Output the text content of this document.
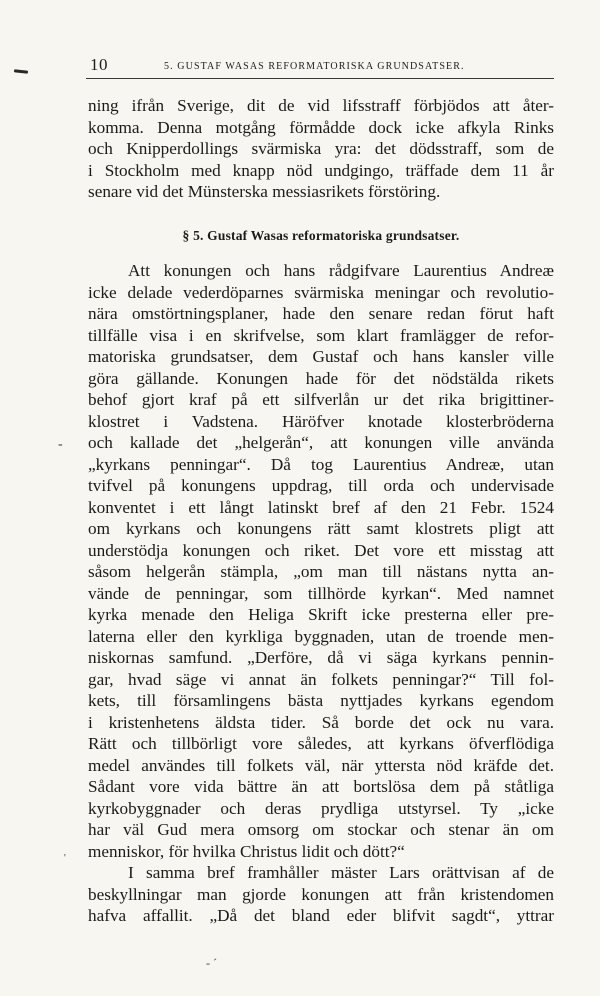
10	5. GUSTAF WASAS REFORMATORISKA GRUNDSATSER.
ning ifrån Sverige, dit de vid lifsstraff förbjödos att åter-
komma. Denna motgång förmådde dock icke afkyla Rinks
och Knipperdollings svärmiska yra: det dödsstraff, som de
i Stockholm med knapp nöd undgingo, träffade dem 11 år
senare vid det Münsterska messiasrikets förstöring.
§ 5. Gustaf Wasas reformatoriska grundsatser.
Att konungen och hans rådgifvare Laurentius Andreæ
icke delade vederdöparnes svärmiska meningar och revolutio-
nära omstörtningsplaner, hade den senare redan förut haft
tillfälle visa i en skrifvelse, som klart framlägger de refor-
matoriska grundsatser, dem Gustaf och hans kansler ville
göra gällande. Konungen hade för det nödstälda rikets
behof gjort kraf på ett silfverlån ur det rika brigittiner-
klostret i Vadstena. Häröfver knotade klosterbröderna
och kallade det „helgerån“, att konungen ville använda
„kyrkans penningar“. Då tog Laurentius Andreæ, utan
tvifvel på konungens uppdrag, till orda och undervisade
konventet i ett långt latinskt bref af den 21 Febr. 1524
om kyrkans och konungens rätt samt klostrets pligt att
understödja konungen och riket. Det vore ett misstag att
såsom helgerån stämpla, „om man till nästans nytta an-
vände de penningar, som tillhörde kyrkan“. Med namnet
kyrka menade den Heliga Skrift icke presterna eller pre-
laterna eller den kyrkliga byggnaden, utan de troende men-
niskornas samfund. „Derföre, då vi säga kyrkans pennin-
gar, hvad säge vi annat än folkets penningar?“ Till fol-
kets, till församlingens bästa nyttjades kyrkans egendom
i kristenhetens äldsta tider. Så borde det ock nu vara.
Rätt och tillbörligt vore således, att kyrkans öfverflödiga
medel användes till folkets väl, när yttersta nöd kräfde det.
Sådant vore vida bättre än att bortslösa dem på ståtliga
kyrkobyggnader och deras prydliga utstyrsel. Ty „icke
har väl Gud mera omsorg om stockar och stenar än om
menniskor, för hvilka Christus lidit och dött?“
I samma bref framhåller mäster Lars orättvisan af de
beskyllningar man gjorde konungen att från kristendomen
hafva affallit. „Då det bland eder blifvit sagdt“, yttrar
-
'
- ˊ
